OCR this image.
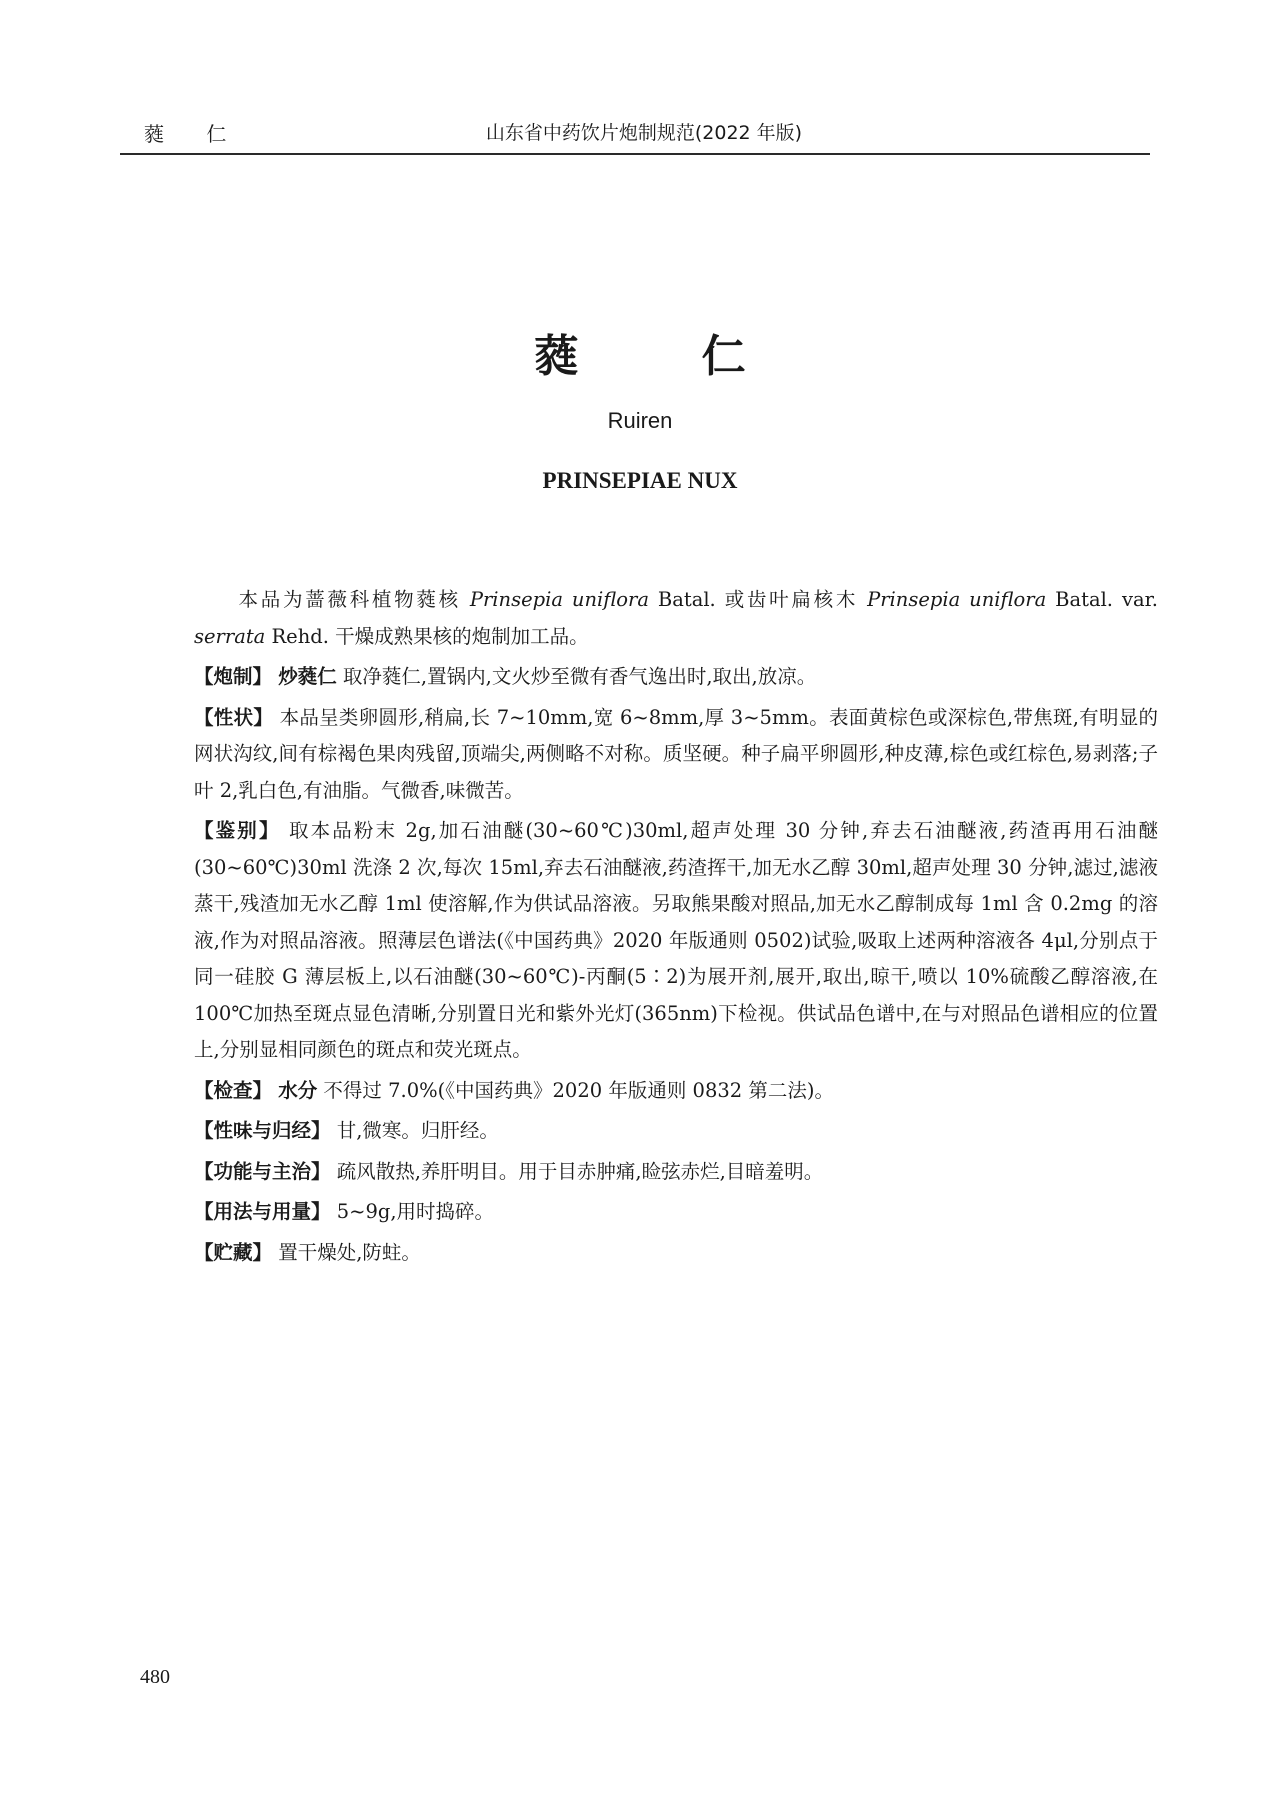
蕤 仁	山东省中药饮片炮制规范(2022 年版)
蕤 仁
Ruiren
PRINSEPIAE NUX

　　本品为蔷薇科植物蕤核 Prinsepia uniflora Batal. 或齿叶扁核木 Prinsepia uniflora Batal. var. serrata Rehd. 干燥成熟果核的炮制加工品。

【炮制】 炒蕤仁 取净蕤仁,置锅内,文火炒至微有香气逸出时,取出,放凉。

【性状】 本品呈类卵圆形,稍扁,长 7~10mm,宽 6~8mm,厚 3~5mm。表面黄棕色或深棕色,带焦斑,有明显的网状沟纹,间有棕褐色果肉残留,顶端尖,两侧略不对称。质坚硬。种子扁平卵圆形,种皮薄,棕色或红棕色,易剥落;子叶 2,乳白色,有油脂。气微香,味微苦。

【鉴别】 取本品粉末 2g,加石油醚(30~60℃)30ml,超声处理 30 分钟,弃去石油醚液,药渣再用石油醚(30~60℃)30ml 洗涤 2 次,每次 15ml,弃去石油醚液,药渣挥干,加无水乙醇 30ml,超声处理 30 分钟,滤过,滤液蒸干,残渣加无水乙醇 1ml 使溶解,作为供试品溶液。另取熊果酸对照品,加无水乙醇制成每 1ml 含 0.2mg 的溶液,作为对照品溶液。照薄层色谱法(《中国药典》2020 年版通则 0502)试验,吸取上述两种溶液各 4μl,分别点于同一硅胶 G 薄层板上,以石油醚(30~60℃)-丙酮(5∶2)为展开剂,展开,取出,晾干,喷以 10%硫酸乙醇溶液,在 100℃加热至斑点显色清晰,分别置日光和紫外光灯(365nm)下检视。供试品色谱中,在与对照品色谱相应的位置上,分别显相同颜色的斑点和荧光斑点。

【检查】 水分 不得过 7.0%(《中国药典》2020 年版通则 0832 第二法)。

【性味与归经】 甘,微寒。归肝经。

【功能与主治】 疏风散热,养肝明目。用于目赤肿痛,睑弦赤烂,目暗羞明。

【用法与用量】 5~9g,用时捣碎。

【贮藏】 置干燥处,防蛀。

480
